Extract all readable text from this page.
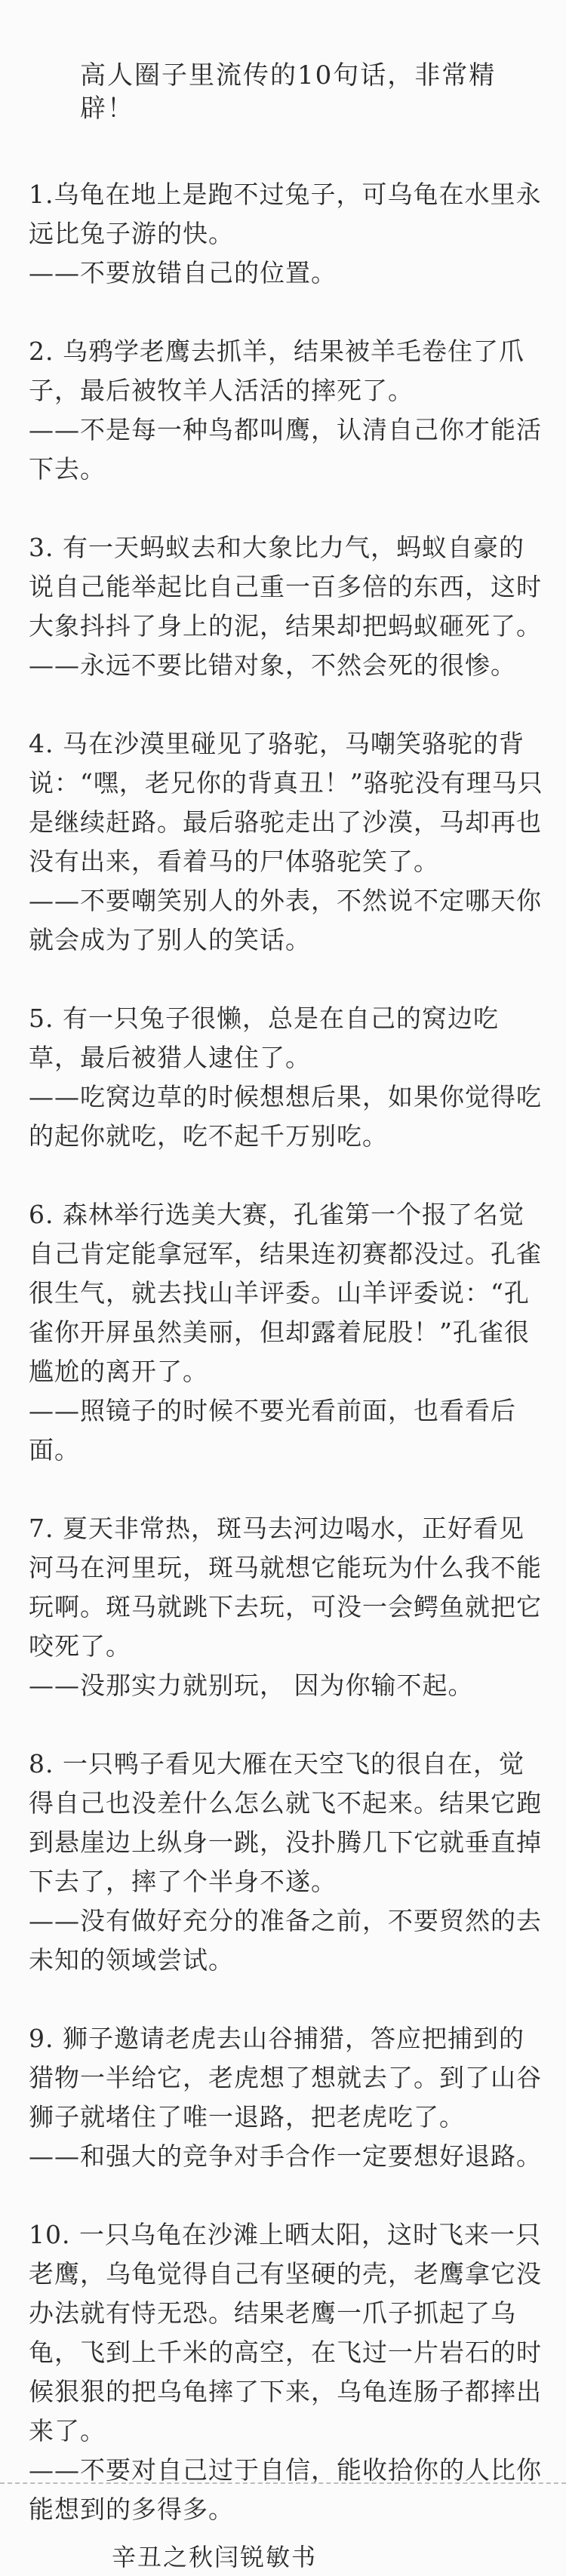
高人圈子里流传的10句话，非常精辟！

1.乌龟在地上是跑不过兔子，可乌龟在水里永远比兔子游的快。

——不要放错自己的位置。

2. 乌鸦学老鹰去抓羊，结果被羊毛卷住了爪子，最后被牧羊人活活的摔死了。

——不是每一种鸟都叫鹰，认清自己你才能活下去。

3. 有一天蚂蚁去和大象比力气，蚂蚁自豪的说自己能举起比自己重一百多倍的东西，这时大象抖抖了身上的泥，结果却把蚂蚁砸死了。

——永远不要比错对象，不然会死的很惨。

4. 马在沙漠里碰见了骆驼，马嘲笑骆驼的背说：“嘿，老兄你的背真丑！”骆驼没有理马只是继续赶路。最后骆驼走出了沙漠，马却再也没有出来，看着马的尸体骆驼笑了。

——不要嘲笑别人的外表，不然说不定哪天你就会成为了别人的笑话。

5. 有一只兔子很懒，总是在自己的窝边吃草，最后被猎人逮住了。

——吃窝边草的时候想想后果，如果你觉得吃的起你就吃，吃不起千万别吃。

6. 森林举行选美大赛，孔雀第一个报了名觉自己肯定能拿冠军，结果连初赛都没过。孔雀很生气，就去找山羊评委。山羊评委说：“孔雀你开屏虽然美丽，但却露着屁股！”孔雀很尴尬的离开了。

——照镜子的时候不要光看前面，也看看后面。

7. 夏天非常热，斑马去河边喝水，正好看见河马在河里玩，斑马就想它能玩为什么我不能玩啊。斑马就跳下去玩，可没一会鳄鱼就把它咬死了。

——没那实力就别玩， 因为你输不起。

8. 一只鸭子看见大雁在天空飞的很自在，觉得自己也没差什么怎么就飞不起来。结果它跑到悬崖边上纵身一跳，没扑腾几下它就垂直掉下去了，摔了个半身不遂。

——没有做好充分的准备之前，不要贸然的去未知的领域尝试。

9. 狮子邀请老虎去山谷捕猎，答应把捕到的猎物一半给它，老虎想了想就去了。到了山谷狮子就堵住了唯一退路，把老虎吃了。

——和强大的竞争对手合作一定要想好退路。

10. 一只乌龟在沙滩上晒太阳，这时飞来一只老鹰，乌龟觉得自己有坚硬的壳，老鹰拿它没办法就有恃无恐。结果老鹰一爪子抓起了乌龟，飞到上千米的高空，在飞过一片岩石的时候狠狠的把乌龟摔了下来，乌龟连肠子都摔出来了。

——不要对自己过于自信，能收拾你的人比你能想到的多得多。

辛丑之秋闫锐敏书
